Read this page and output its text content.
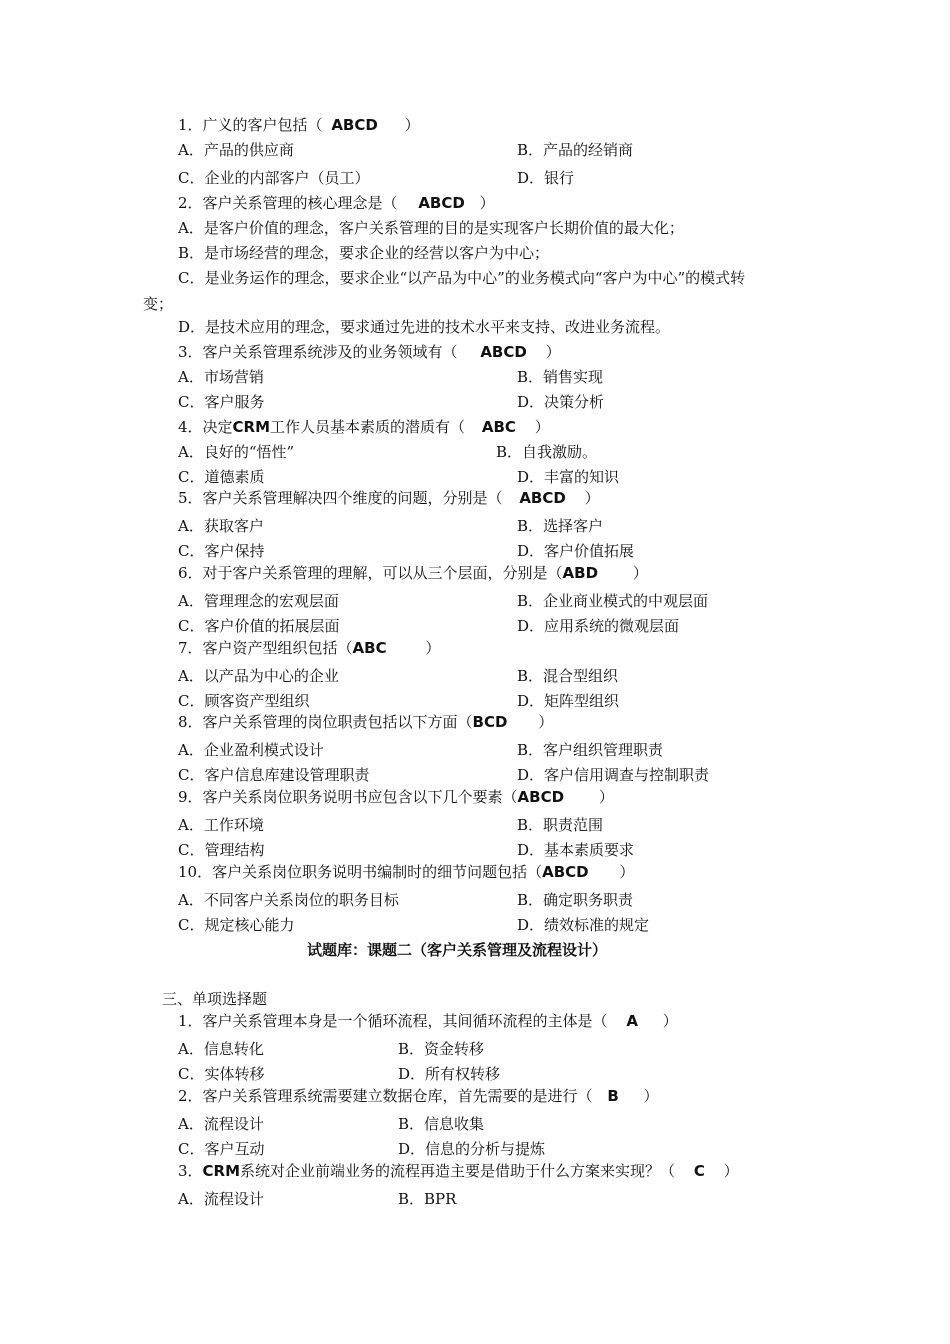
1．广义的客户包括（ ABCD ）
A．产品的供应商	B．产品的经销商
C．企业的内部客户（员工）	D．银行
2．客户关系管理的核心理念是（ ABCD ）
A．是客户价值的理念，客户关系管理的目的是实现客户长期价值的最大化；
B．是市场经营的理念，要求企业的经营以客户为中心；
C．是业务运作的理念，要求企业“以产品为中心”的业务模式向“客户为中心”的模式转
变；
D．是技术应用的理念，要求通过先进的技术水平来支持、改进业务流程。
3．客户关系管理系统涉及的业务领域有（ ABCD ）
A．市场营销	B．销售实现
C．客户服务	D．决策分析
4．决定CRM工作人员基本素质的潜质有（ ABC ）
A．良好的“悟性”	B．自我激励。
C．道德素质	D．丰富的知识
5．客户关系管理解决四个维度的问题，分别是（ ABCD ）
A．获取客户	B．选择客户
C．客户保持	D．客户价值拓展
6．对于客户关系管理的理解，可以从三个层面，分别是（ABD ）
A．管理理念的宏观层面	B．企业商业模式的中观层面
C．客户价值的拓展层面	D．应用系统的微观层面
7．客户资产型组织包括（ABC	）
A．以产品为中心的企业	B．混合型组织
C．顾客资产型组织	D．矩阵型组织
8．客户关系管理的岗位职责包括以下方面（BCD ）
A．企业盈利模式设计	B．客户组织管理职责
C．客户信息库建设管理职责	D．客户信用调查与控制职责
9．客户关系岗位职务说明书应包含以下几个要素（ABCD ）
A．工作环境	B．职责范围
C．管理结构	D．基本素质要求
10．客户关系岗位职务说明书编制时的细节问题包括（ABCD ）
A．不同客户关系岗位的职务目标	B．确定职务职责
C．规定核心能力	D．绩效标准的规定
试题库：课题二（客户关系管理及流程设计）
三、单项选择题
1．客户关系管理本身是一个循环流程，其间循环流程的主体是（ A ）
A．信息转化	B．资金转移
C．实体转移	D．所有权转移
2．客户关系管理系统需要建立数据仓库，首先需要的是进行（ B ）
A．流程设计	B．信息收集
C．客户互动	D．信息的分析与提炼
3．CRM系统对企业前端业务的流程再造主要是借助于什么方案来实现？（ C ）
A．流程设计	B．BPR
